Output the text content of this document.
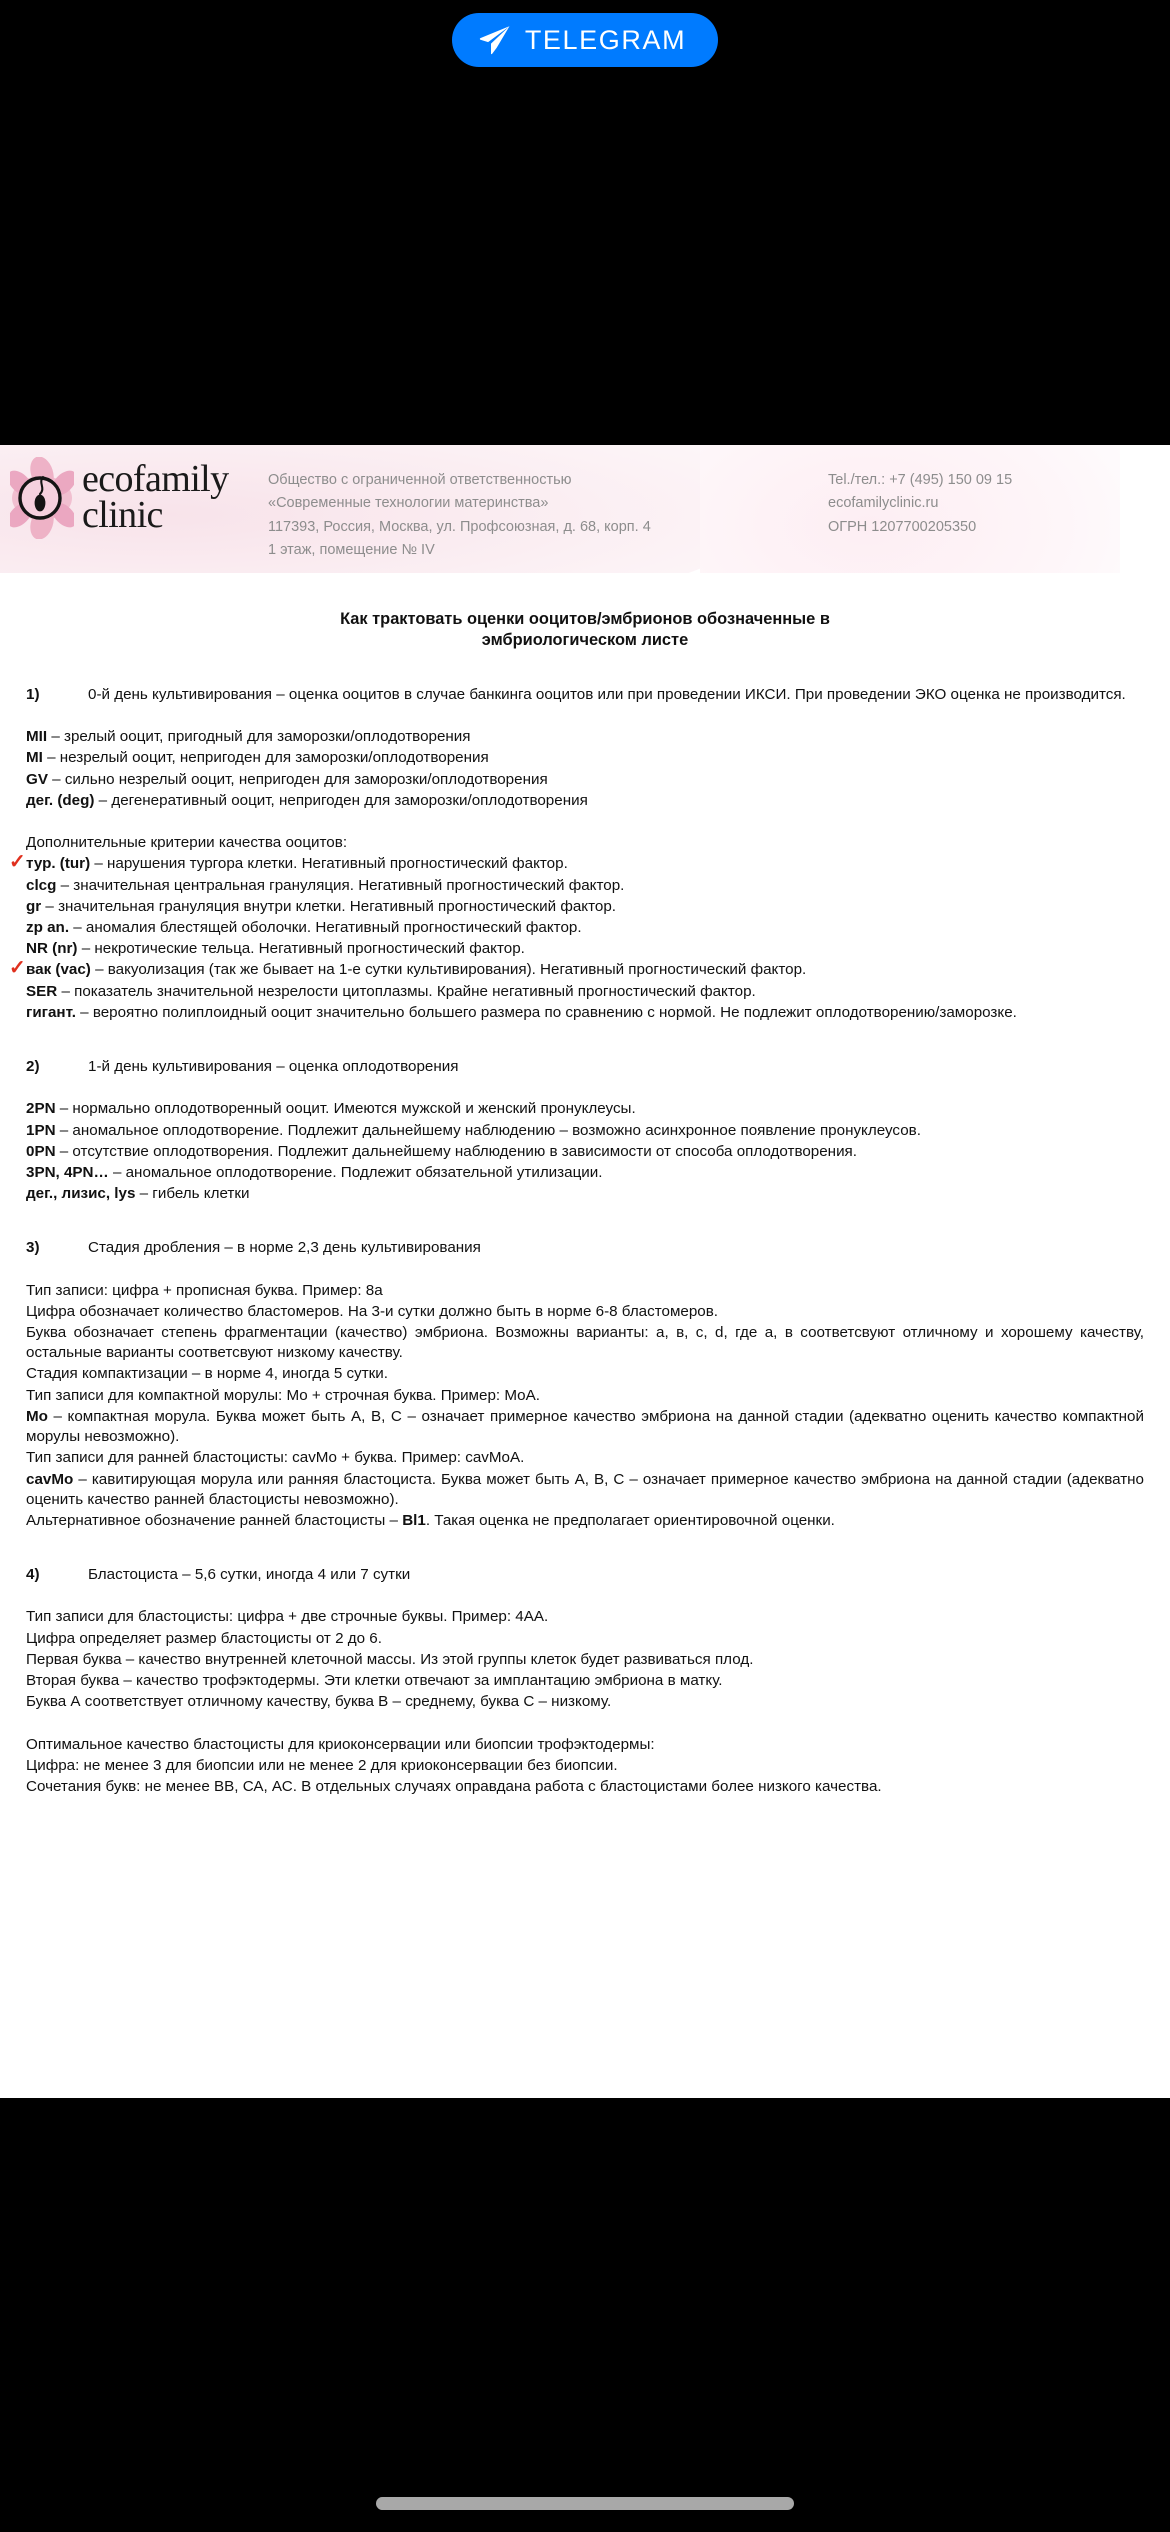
TELEGRAM
ecofamily
clinic
Общество с ограниченной ответственностью
«Современные технологии материнства»
117393, Россия, Москва, ул. Профсоюзная, д. 68, корп. 4
1 этаж, помещение № IV
Tel./тел.: +7 (495) 150 09 15
ecofamilyclinic.ru
ОГРН 1207700205350
Как трактовать оценки ооцитов/эмбрионов обозначенные в
эмбриологическом листе
1)	0-й день культивирования – оценка ооцитов в случае банкинга ооцитов или при проведении ИКСИ. При проведении ЭКО оценка не производится.
MII – зрелый ооцит, пригодный для заморозки/оплодотворения
MI – незрелый ооцит, непригоден для заморозки/оплодотворения
GV – сильно незрелый ооцит, непригоден для заморозки/оплодотворения
дег. (deg) – дегенеративный ооцит, непригоден для заморозки/оплодотворения
Дополнительные критерии качества ооцитов:
✓ тур. (tur) – нарушения тургора клетки. Негативный прогностический фактор.
clcg – значительная центральная грануляция. Негативный прогностический фактор.
gr – значительная грануляция внутри клетки. Негативный прогностический фактор.
zp an. – аномалия блестящей оболочки. Негативный прогностический фактор.
NR (nr) – некротические тельца. Негативный прогностический фактор.
✓ вак (vac) – вакуолизация (так же бывает на 1-е сутки культивирования). Негативный прогностический фактор.
SER – показатель значительной незрелости цитоплазмы. Крайне негативный прогностический фактор.
гигант. – вероятно полиплоидный ооцит значительно большего размера по сравнению с нормой. Не подлежит оплодотворению/заморозке.
2)	1-й день культивирования – оценка оплодотворения
2PN – нормально оплодотворенный ооцит. Имеются мужской и женский пронуклеусы.
1PN – аномальное оплодотворение. Подлежит дальнейшему наблюдению – возможно асинхронное появление пронуклеусов.
0PN – отсутствие оплодотворения. Подлежит дальнейшему наблюдению в зависимости от способа оплодотворения.
3PN, 4PN… – аномальное оплодотворение. Подлежит обязательной утилизации.
дег., лизис, lys – гибель клетки
3)	Стадия дробления – в норме 2,3 день культивирования
Тип записи: цифра + прописная буква. Пример: 8а
Цифра обозначает количество бластомеров. На 3-и сутки должно быть в норме 6-8 бластомеров.
Буква обозначает степень фрагментации (качество) эмбриона. Возможны варианты: a, в, c, d, где a, в соответсвуют отличному и хорошему качеству, остальные варианты соответсвуют низкому качеству.
Стадия компактизации – в норме 4, иногда 5 сутки.
Тип записи для компактной морулы: Мо + строчная буква. Пример: МоА.
Мо – компактная морула. Буква может быть А, В, С – означает примерное качество эмбриона на данной стадии (адекватно оценить качество компактной морулы невозможно).
Тип записи для ранней бластоцисты: cavMo + буква. Пример: cavMoA.
cavMo – кавитирующая морула или ранняя бластоциста. Буква может быть А, В, С – означает примерное качество эмбриона на данной стадии (адекватно оценить качество ранней бластоцисты невозможно).
Альтернативное обозначение ранней бластоцисты – Bl1. Такая оценка не предполагает ориентировочной оценки.
4)	Бластоциста – 5,6 сутки, иногда 4 или 7 сутки
Тип записи для бластоцисты: цифра + две строчные буквы. Пример: 4АА.
Цифра определяет размер бластоцисты от 2 до 6.
Первая буква – качество внутренней клеточной массы. Из этой группы клеток будет развиваться плод.
Вторая буква – качество трофэктодермы. Эти клетки отвечают за имплантацию эмбриона в матку.
Буква А соответствует отличному качеству, буква В – среднему, буква С – низкому.
Оптимальное качество бластоцисты для криоконсервации или биопсии трофэктодермы:
Цифра: не менее 3 для биопсии или не менее 2 для криоконсервации без биопсии.
Сочетания букв: не менее ВВ, СА, АС. В отдельных случаях оправдана работа с бластоцистами более низкого качества.
